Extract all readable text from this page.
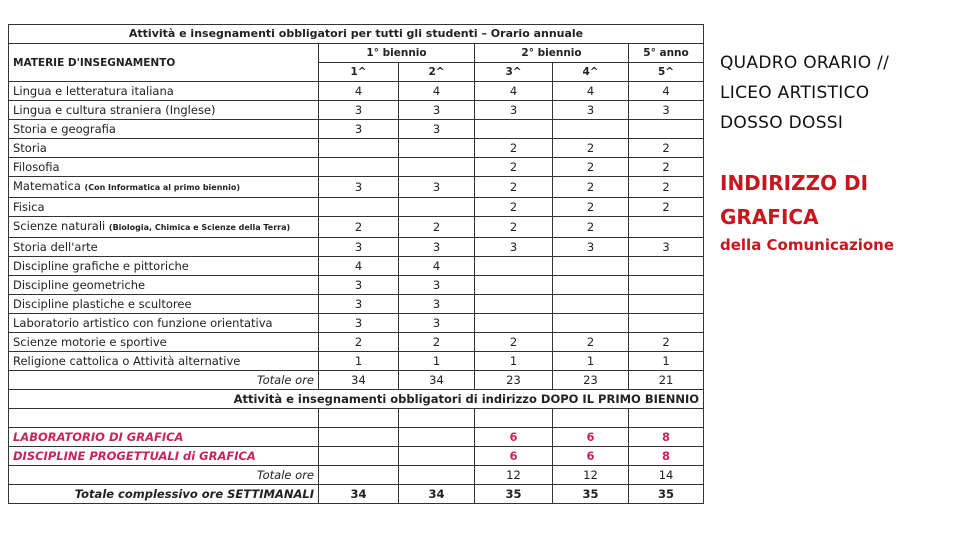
Attività e insegnamenti obbligatori per tutti gli studenti – Orario annuale					
MATERIE D'INSEGNAMENTO	1° biennio		2° biennio		5° anno
	1^	2^	3^	4^	5^
Lingua e letteratura italiana	4	4	4	4	4
Lingua e cultura straniera (Inglese)	3	3	3	3	3
Storia e geografia	3	3			
Storia			2	2	2
Filosofia			2	2	2
Matematica (Con Informatica al primo biennio)	3	3	2	2	2
Fisica			2	2	2
Scienze naturali (Biologia, Chimica e Scienze della Terra)	2	2	2	2	
Storia dell'arte	3	3	3	3	3
Discipline grafiche e pittoriche	4	4			
Discipline geometriche	3	3			
Discipline plastiche e scultoree	3	3			
Laboratorio artistico con funzione orientativa	3	3			
Scienze motorie e sportive	2	2	2	2	2
Religione cattolica o Attività alternative	1	1	1	1	1
Totale ore	34	34	23	23	21
Attività e insegnamenti obbligatori di indirizzo DOPO IL PRIMO BIENNIO					

LABORATORIO DI GRAFICA			6	6	8
DISCIPLINE PROGETTUALI di GRAFICA			6	6	8
Totale ore			12	12	14
Totale complessivo ore SETTIMANALI	34	34	35	35	35
QUADRO ORARIO //
LICEO ARTISTICO
DOSSO DOSSI
INDIRIZZO DI
GRAFICA
della Comunicazione
